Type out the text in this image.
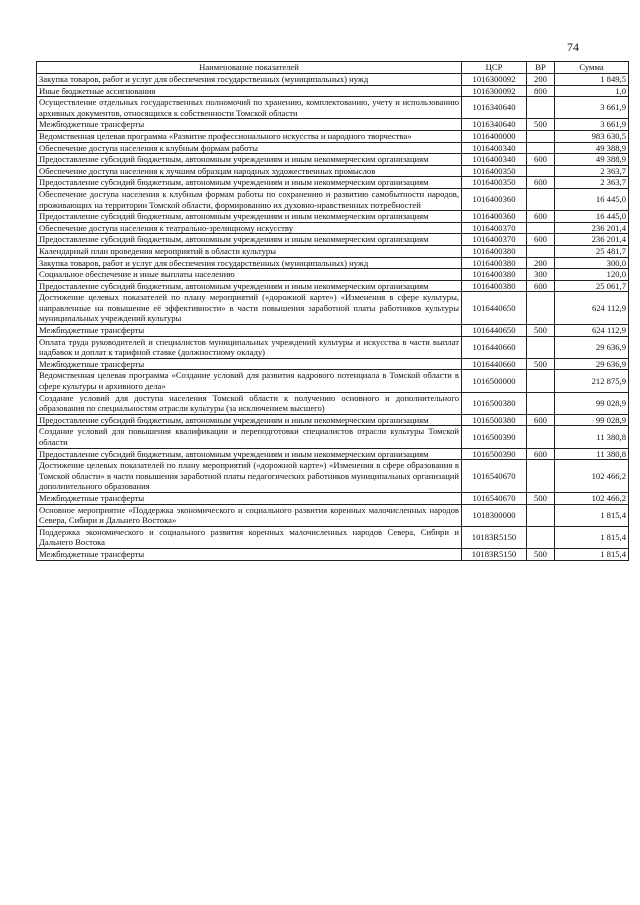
74
Наименование показателей	ЦСР	ВР	Сумма
Закупка товаров, работ и услуг для обеспечения государственных (муниципальных) нужд	1016300092	200	1 849,5
Иные бюджетные ассигнования	1016300092	800	1,0
Осуществление отдельных государственных полномочий по хранению, комплектованию, учету и использованию архивных документов, относящихся к собственности Томской области	1016340640		3 661,9
Межбюджетные трансферты	1016340640	500	3 661,9
Ведомственная целевая программа «Развитие профессионального искусства и народного творчества»	1016400000		983 630,5
Обеспечение доступа населения к клубным формам работы	1016400340		49 388,9
Предоставление субсидий бюджетным, автономным учреждениям и иным некоммерческим организациям	1016400340	600	49 388,9
Обеспечение доступа населения к лучшим образцам народных художественных промыслов	1016400350		2 363,7
Предоставление субсидий бюджетным, автономным учреждениям и иным некоммерческим организациям	1016400350	600	2 363,7
Обеспечение доступа населения к клубным формам работы по сохранению и развитию самобытности народов, проживающих на территории Томской области, формированию их духовно-нравственных потребностей	1016400360		16 445,0
Предоставление субсидий бюджетным, автономным учреждениям и иным некоммерческим организациям	1016400360	600	16 445,0
Обеспечение доступа населения к театрально-зрелищному искусству	1016400370		236 201,4
Предоставление субсидий бюджетным, автономным учреждениям и иным некоммерческим организациям	1016400370	600	236 201,4
Календарный план проведения мероприятий в области культуры	1016400380		25 481,7
Закупка товаров, работ и услуг для обеспечения государственных (муниципальных) нужд	1016400380	200	300,0
Социальное обеспечение и иные выплаты населению	1016400380	300	120,0
Предоставление субсидий бюджетным, автономным учреждениям и иным некоммерческим организациям	1016400380	600	25 061,7
Достижение целевых показателей по плану мероприятий («дорожной карте») «Изменения в сфере культуры, направленные на повышение её эффективности» в части повышения заработной платы работников культуры муниципальных учреждений культуры	1016440650		624 112,9
Межбюджетные трансферты	1016440650	500	624 112,9
Оплата труда руководителей и специалистов муниципальных учреждений культуры и искусства в части выплат надбавок и доплат к тарифной ставке (должностному окладу)	1016440660		29 636,9
Межбюджетные трансферты	1016440660	500	29 636,9
Ведомственная целевая программа «Создание условий для развития кадрового потенциала в Томской области в сфере культуры и архивного дела»	1016500000		212 875,9
Создание условий для доступа населения Томской области к получению основного и дополнительного образования по специальностям отрасли культуры (за исключением высшего)	1016500380		99 028,9
Предоставление субсидий бюджетным, автономным учреждениям и иным некоммерческим организациям	1016500380	600	99 028,9
Создание условий для повышения квалификации и переподготовки специалистов отрасли культуры Томской области	1016500390		11 380,8
Предоставление субсидий бюджетным, автономным учреждениям и иным некоммерческим организациям	1016500390	600	11 380,8
Достижение целевых показателей по плану мероприятий («дорожной карте») «Изменения в сфере образования в Томской области» в части повышения заработной платы педагогических работников муниципальных организаций дополнительного образования	1016540670		102 466,2
Межбюджетные трансферты	1016540670	500	102 466,2
Основное мероприятие «Поддержка экономического и социального развития коренных малочисленных народов Севера, Сибири и Дальнего Востока»	1018300000		1 815,4
Поддержка экономического и социального развития коренных малочисленных народов Севера, Сибири и Дальнего Востока	10183R5150		1 815,4
Межбюджетные трансферты	10183R5150	500	1 815,4
